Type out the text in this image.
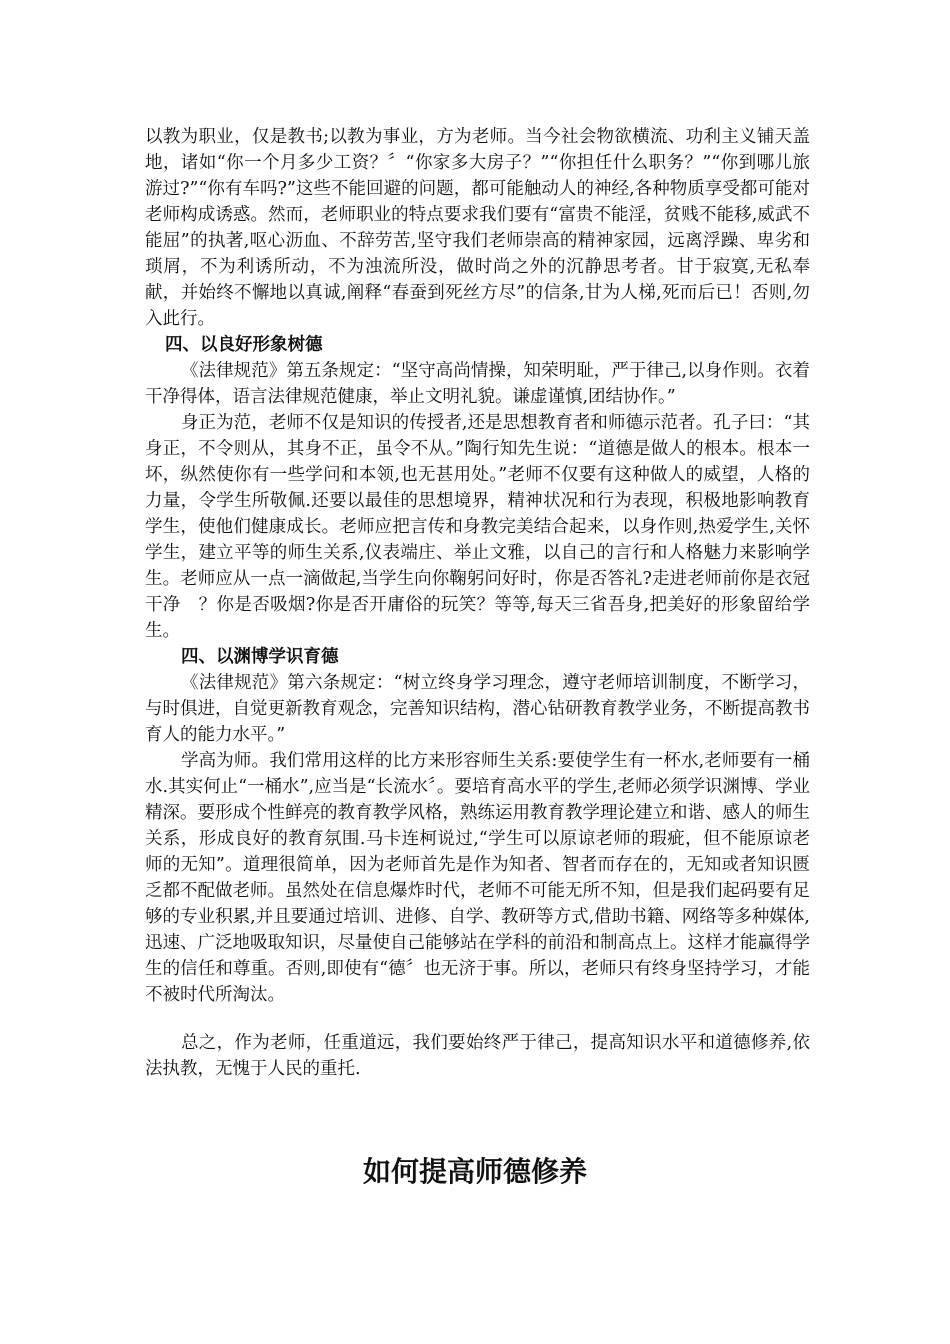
以教为职业，仅是教书;以教为事业，方为老师。当今社会物欲横流、功利主义铺天盖地，诸如“你一个月多少工资？〞“你家多大房子？”“你担任什么职务？”“你到哪儿旅游过?”“你有车吗?”这些不能回避的问题，都可能触动人的神经,各种物质享受都可能对老师构成诱惑。然而，老师职业的特点要求我们要有“富贵不能淫，贫贱不能移,威武不能屈”的执著,呕心沥血、不辞劳苦,坚守我们老师崇高的精神家园，远离浮躁、卑劣和琐屑，不为利诱所动，不为浊流所没，做时尚之外的沉静思考者。甘于寂寞,无私奉献，并始终不懈地以真诚,阐释“春蚕到死丝方尽”的信条,甘为人梯,死而后已！否则,勿入此行。

四、以良好形象树德

《法律规范》第五条规定：“坚守高尚情操，知荣明耻，严于律己,以身作则。衣着干净得体，语言法律规范健康，举止文明礼貌。谦虚谨慎,团结协作。”

身正为范，老师不仅是知识的传授者,还是思想教育者和师德示范者。孔子曰：“其身正，不令则从，其身不正，虽令不从。”陶行知先生说：“道德是做人的根本。根本一坏，纵然使你有一些学问和本领,也无甚用处。”老师不仅要有这种做人的威望，人格的力量，令学生所敬佩.还要以最佳的思想境界，精神状况和行为表现，积极地影响教育学生，使他们健康成长。老师应把言传和身教完美结合起来，以身作则,热爱学生,关怀学生，建立平等的师生关系,仪表端庄、举止文雅，以自己的言行和人格魅力来影响学生。老师应从一点一滴做起,当学生向你鞠躬问好时，你是否答礼?走进老师前你是衣冠干净　？你是否吸烟?你是否开庸俗的玩笑？等等,每天三省吾身,把美好的形象留给学生。

四、以渊博学识育德

《法律规范》第六条规定：“树立终身学习理念，遵守老师培训制度，不断学习，与时俱进，自觉更新教育观念，完善知识结构，潜心钻研教育教学业务，不断提高教书育人的能力水平。”

学高为师。我们常用这样的比方来形容师生关系:要使学生有一杯水,老师要有一桶水.其实何止“一桶水”,应当是“长流水〞。要培育高水平的学生,老师必须学识渊博、学业精深。要形成个性鲜亮的教育教学风格，熟练运用教育教学理论建立和谐、感人的师生关系，形成良好的教育氛围.马卡连柯说过,“学生可以原谅老师的瑕疵，但不能原谅老师的无知”。道理很简单，因为老师首先是作为知者、智者而存在的，无知或者知识匮乏都不配做老师。虽然处在信息爆炸时代，老师不可能无所不知，但是我们起码要有足够的专业积累,并且要通过培训、进修、自学、教研等方式,借助书籍、网络等多种媒体,迅速、广泛地吸取知识，尽量使自己能够站在学科的前沿和制高点上。这样才能赢得学生的信任和尊重。否则,即使有“德〞也无济于事。所以，老师只有终身坚持学习，才能不被时代所淘汰。

总之，作为老师，任重道远，我们要始终严于律己，提高知识水平和道德修养,依法执教，无愧于人民的重托.

如何提高师德修养
